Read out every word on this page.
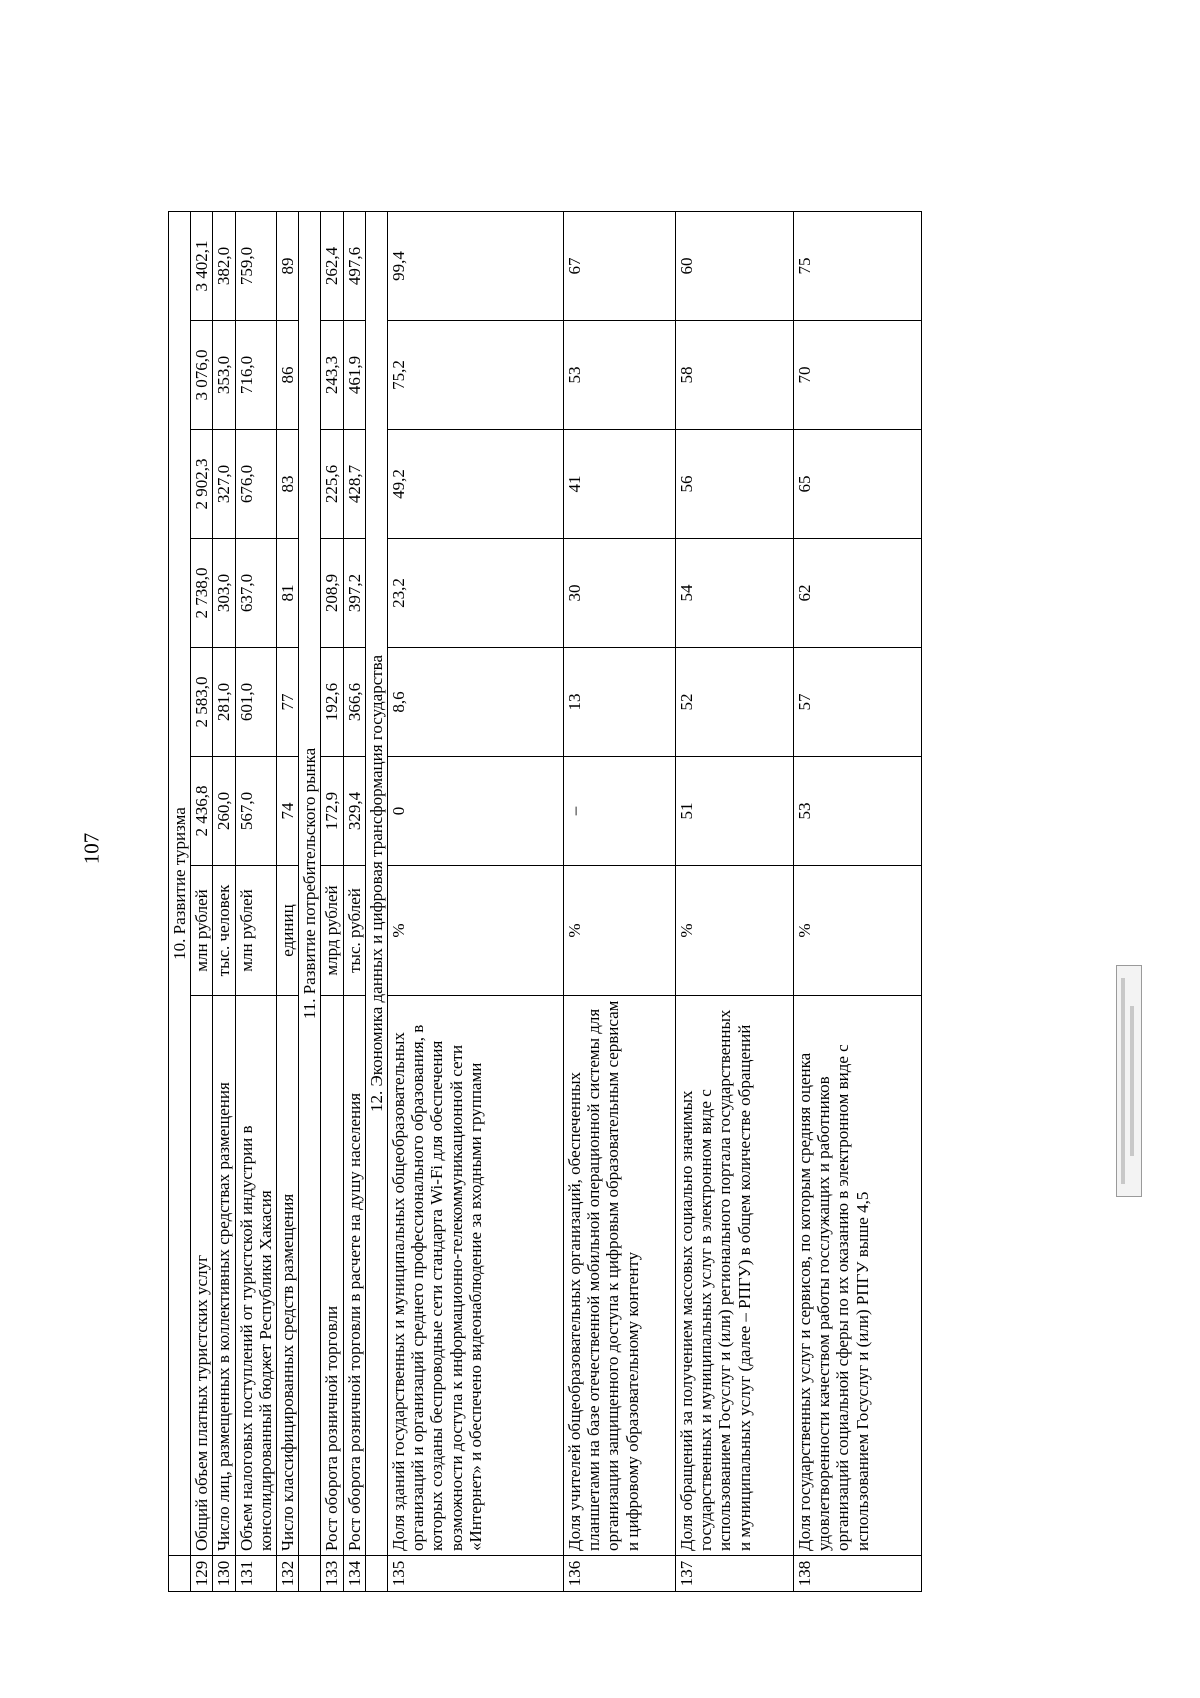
107
		10. Развитие туризма							
129	Общий объем платных туристских услуг	млн рублей	2 436,8	2 583,0	2 738,0	2 902,3	3 076,0	3 402,1
130	Число лиц, размещенных в коллективных средствах размещения	тыс. человек	260,0	281,0	303,0	327,0	353,0	382,0
131	Объем налоговых поступлений от туристской индустрии в консолидированный бюджет Республики Хакасия	млн рублей	567,0	601,0	637,0	676,0	716,0	759,0
132	Число классифицированных средств размещения	единиц	74	77	81	83	86	89
	11. Развитие потребительского рынка							
133	Рост оборота розничной торговли	млрд рублей	172,9	192,6	208,9	225,6	243,3	262,4
134	Рост оборота розничной торговли в расчете на душу населения	тыс. рублей	329,4	366,6	397,2	428,7	461,9	497,6
	12. Экономика данных и цифровая трансформация государства							
135	Доля зданий государственных и муниципальных общеобразовательных организаций и организаций среднего профессионального образования, в которых созданы беспроводные сети стандарта Wi-Fi для обеспечения возможности доступа к информационно-телекоммуникационной сети «Интернет» и обеспечено видеонаблюдение за входными группами	%	0	8,6	23,2	49,2	75,2	99,4
136	Доля учителей общеобразовательных организаций, обеспеченных планшетами на базе отечественной мобильной операционной системы для организации защищенного доступа к цифровым образовательным сервисам и цифровому образовательному контенту	%	–	13	30	41	53	67
137	Доля обращений за получением массовых социально значимых государственных и муниципальных услуг в электронном виде с использованием Госуслуг и (или) регионального портала государственных и муниципальных услуг (далее – РПГУ) в общем количестве обращений	%	51	52	54	56	58	60
138	Доля государственных услуг и сервисов, по которым средняя оценка удовлетворенности качеством работы госслужащих и работников организаций социальной сферы по их оказанию в электронном виде с использованием Госуслуг и (или) РПГУ выше 4,5	%	53	57	62	65	70	75
